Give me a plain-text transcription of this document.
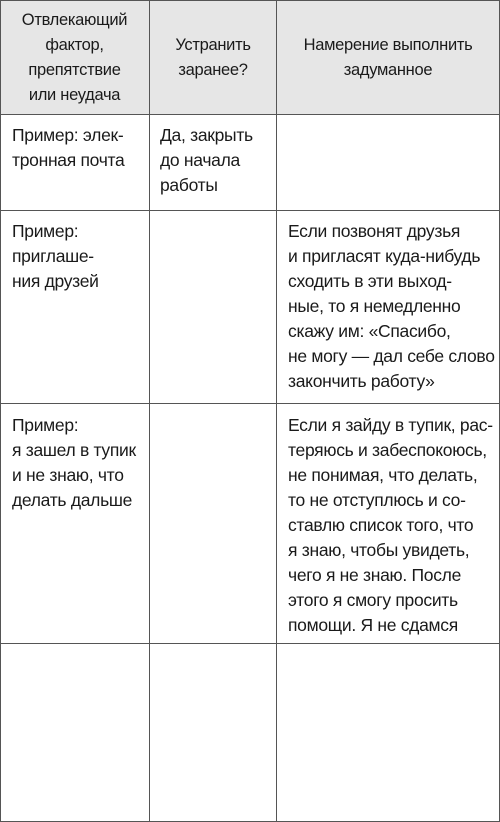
Отвлекающий
фактор,
препятствие
или неудача
Устранить
заранее?
Намерение выполнить
задуманное
Пример: элек-
тронная почта
Да, закрыть
до начала
работы
Пример:
приглаше-
ния друзей
Если позвонят друзья
и пригласят куда-нибудь
сходить в эти выход-
ные, то я немедленно
скажу им: «Спасибо,
не могу — дал себе слово
закончить работу»
Пример:
я зашел в тупик
и не знаю, что
делать дальше
Если я зайду в тупик, рас-
теряюсь и забеспокоюсь,
не понимая, что делать,
то не отступлюсь и со-
ставлю список того, что
я знаю, чтобы увидеть,
чего я не знаю. После
этого я смогу просить
помощи. Я не сдамся
